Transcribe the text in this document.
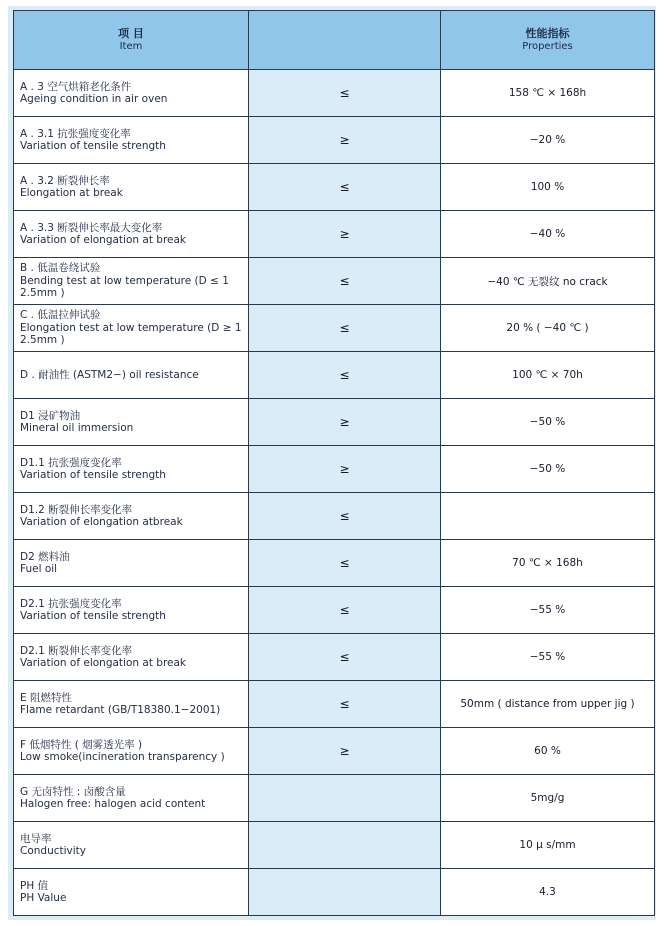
项 目
Item		性能指标
Properties

A . 3 空气烘箱老化条件
Ageing condition in air oven	≤	158 ℃ × 168h

A . 3.1 抗张强度变化率
Variation of tensile strength	≥	−20 %

A . 3.2 断裂伸长率
Elongation at break	≤	100 %

A . 3.3 断裂伸长率最大变化率
Variation of elongation at break	≥	−40 %

B . 低温卷绕试验
Bending test at low temperature (D ≤ 1 2.5mm )	≤	−40 ℃ 无裂纹 no crack

C . 低温拉伸试验
Elongation test at low temperature (D ≥ 1 2.5mm )	≤	20 % ( −40 ℃ )

D . 耐油性 (ASTM2−) oil resistance	≤	100 ℃ × 70h

D1 浸矿物油
Mineral oil immersion	≥	−50 %

D1.1 抗张强度变化率
Variation of tensile strength	≥	−50 %

D1.2 断裂伸长率变化率
Variation of elongation atbreak	≤	

D2 燃料油
Fuel oil	≤	70 ℃ × 168h

D2.1 抗张强度变化率
Variation of tensile strength	≤	−55 %

D2.1 断裂伸长率变化率
Variation of elongation at break	≤	−55 %

E 阻燃特性
Flame retardant (GB/T18380.1−2001)	≤	50mm ( distance from upper jig )

F 低烟特性 ( 烟雾透光率 )
Low smoke(incineration transparency )	≥	60 %

G 无卤特性 : 卤酸含量
Halogen free: halogen acid content		5mg/g

电导率
Conductivity		10 μ s/mm

PH 值
PH Value		4.3
